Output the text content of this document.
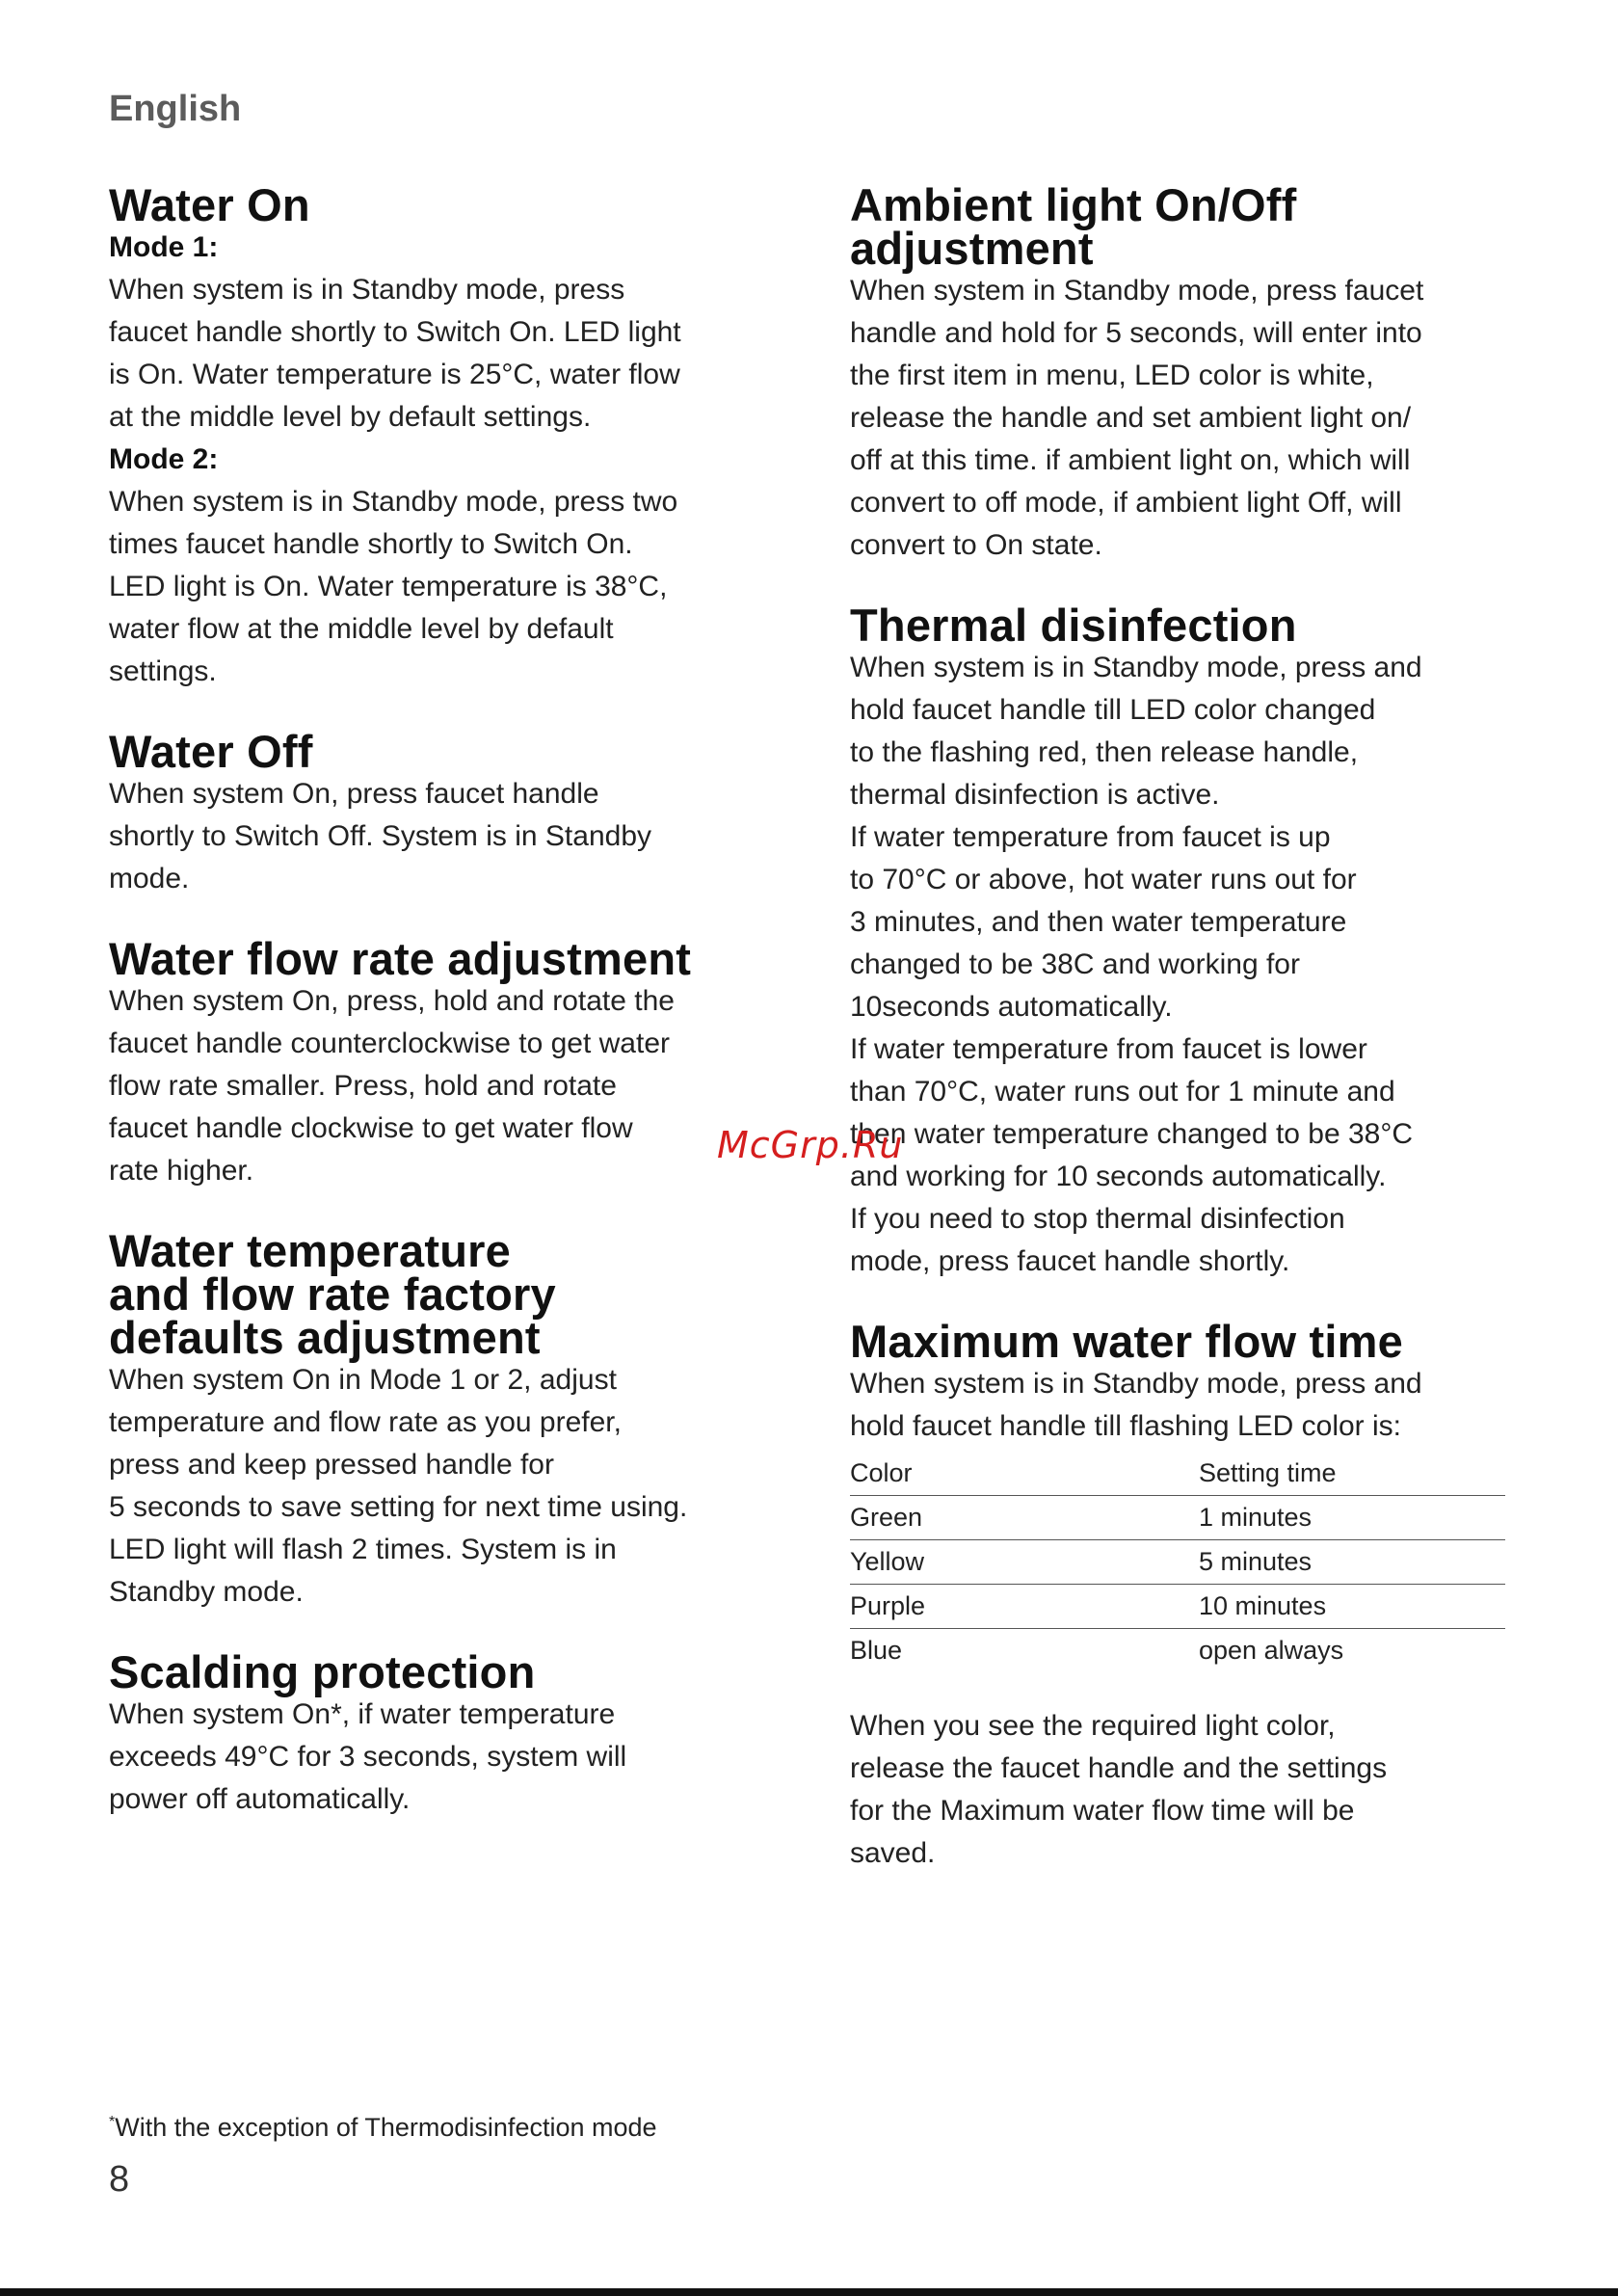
English
Water On
Mode 1:

When system is in Standby mode, press

faucet handle shortly to Switch On. LED light

is On. Water temperature is 25°C, water flow

at the middle level by default settings.

Mode 2:

When system is in Standby mode, press two

times faucet handle shortly to Switch On.

LED light is On. Water temperature is 38°C,

water flow at the middle level by default

settings.

Water Off

When system On, press faucet handle

shortly to Switch Off. System is in Standby

mode.

Water flow rate adjustment

When system On, press, hold and rotate the

faucet handle counterclockwise to get water

flow rate smaller. Press, hold and rotate

faucet handle clockwise to get water flow

rate higher.

Water temperature
and flow rate factory
defaults adjustment

When system On in Mode 1 or 2, adjust

temperature and flow rate as you prefer,

press and keep pressed handle for

5 seconds to save setting for next time using.

LED light will flash 2 times. System is in

Standby mode.

Scalding protection

When system On*, if water temperature

exceeds 49°C for 3 seconds, system will

power off automatically.

Ambient light On/Off
adjustment

When system in Standby mode, press faucet

handle and hold for 5 seconds, will enter into

the first item in menu, LED color is white,

release the handle and set ambient light on/

off at this time. if ambient light on, which will

convert to off mode, if ambient light Off, will

convert to On state.

Thermal disinfection

When system is in Standby mode, press and

hold faucet handle till LED color changed

to the flashing red, then release handle,

thermal disinfection is active.

If water temperature from faucet is up

to 70°C or above, hot water runs out for

3 minutes, and then water temperature

changed to be 38C and working for

10seconds automatically.

If water temperature from faucet is lower

than 70°C, water runs out for 1 minute and

then water temperature changed to be 38°C

and working for 10 seconds automatically.

If you need to stop thermal disinfection

mode, press faucet handle shortly.

Maximum water flow time

When system is in Standby mode, press and

hold faucet handle till flashing LED color is:

Color	Setting time
Green	1 minutes
Yellow	5 minutes
Purple	10 minutes
Blue	open always

When you see the required light color,

release the faucet handle and the settings

for the Maximum water flow time will be

saved.

McGrp.Ru
*With the exception of Thermodisinfection mode
8
